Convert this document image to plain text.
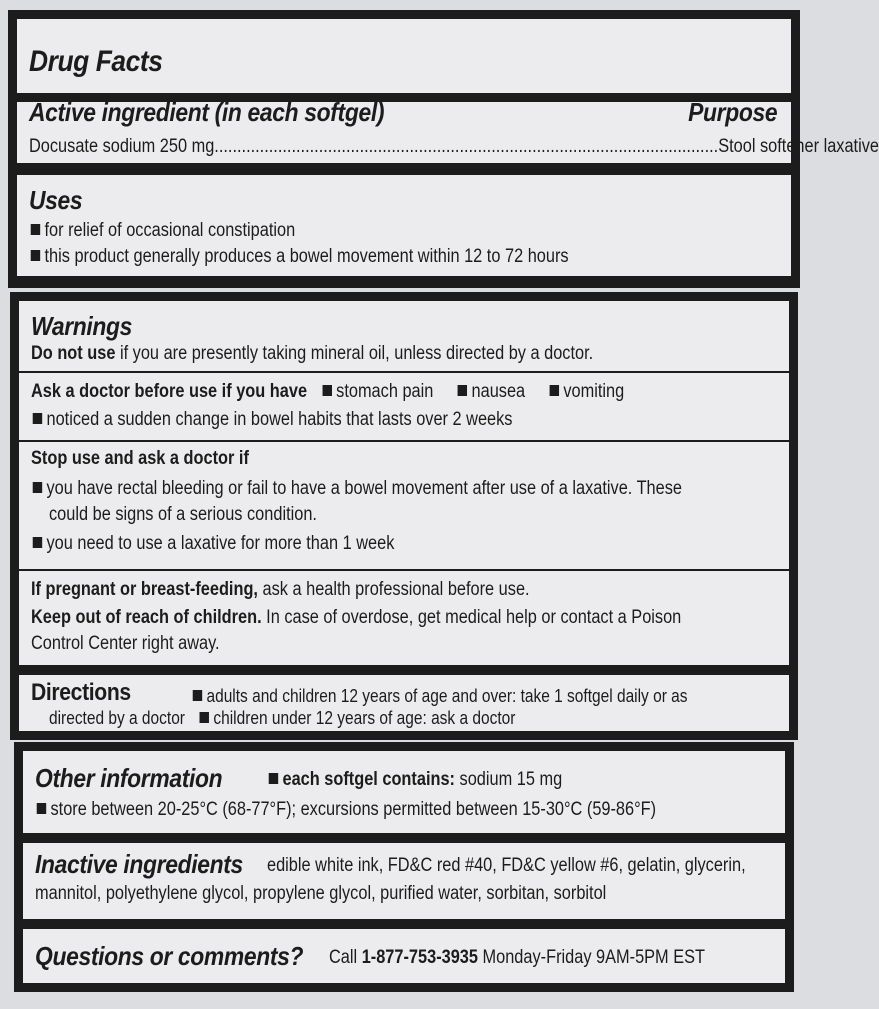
Drug Facts
Active ingredient (in each softgel)	Purpose
Docusate sodium 250 mg...............................................................................................................Stool softener laxative
Uses
for relief of occasional constipation
this product generally produces a bowel movement within 12 to 72 hours
Warnings
Do not use if you are presently taking mineral oil, unless directed by a doctor.
Ask a doctor before use if you have stomach pain nausea vomiting
noticed a sudden change in bowel habits that lasts over 2 weeks
Stop use and ask a doctor if
you have rectal bleeding or fail to have a bowel movement after use of a laxative. These
could be signs of a serious condition.
you need to use a laxative for more than 1 week
If pregnant or breast-feeding, ask a health professional before use.
Keep out of reach of children. In case of overdose, get medical help or contact a Poison
Control Center right away.
Directions	adults and children 12 years of age and over: take 1 softgel daily or as
directed by a doctor children under 12 years of age: ask a doctor
Other information	each softgel contains: sodium 15 mg
store between 20-25°C (68-77°F); excursions permitted between 15-30°C (59-86°F)
Inactive ingredients	edible white ink, FD&C red #40, FD&C yellow #6, gelatin, glycerin,
mannitol, polyethylene glycol, propylene glycol, purified water, sorbitan, sorbitol
Questions or comments?	Call 1-877-753-3935 Monday-Friday 9AM-5PM EST
